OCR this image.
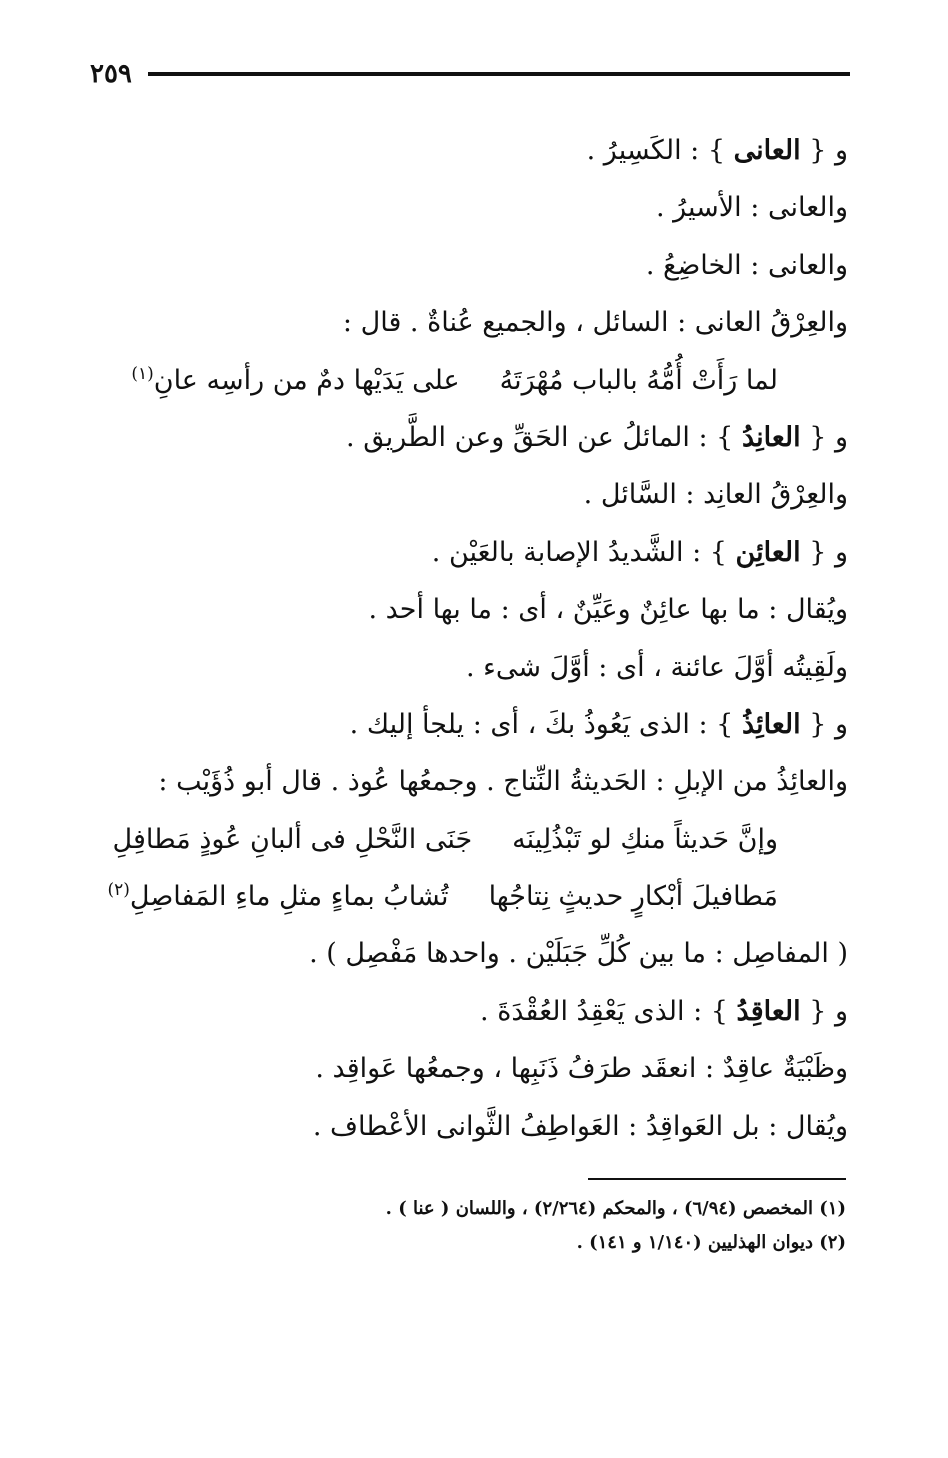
٢٥٩
و { العانى } : الكَسِيرُ .
والعانى : الأسيرُ .
والعانى : الخاضِعُ .
والعِرْقُ العانى : السائل ، والجميع عُناةٌ . قال :
لما رَأَتْ أُمُّهُ بالباب مُهْرَتَهُ
على يَدَيْها دمٌ من رأسِه عانِ$^{(١)}$
و { العانِدُ } : المائلُ عن الحَقِّ وعن الطَّريق .
والعِرْقُ العانِد : السَّائل .
و { العائِن } : الشَّديدُ الإصابة بالعَيْن .
ويُقال : ما بها عائِنٌ وعَيِّنٌ ، أى : ما بها أحد .
ولَقِيتُه أوَّلَ عائنة ، أى : أوَّلَ شىء .
و { العائِذُ } : الذى يَعُوذُ بكَ ، أى : يلجأ إليك .
والعائِذُ من الإبلِ : الحَديثةُ النِّتاج . وجمعُها عُوذ . قال أبو ذُؤَيْب :
وإنَّ حَديثاً منكِ لو تَبْذُلِينَه
جَنَى النَّحْلِ فى ألبانِ عُوذٍ مَطافِلِ
مَطافيلَ أبْكارٍ حديثٍ نِتاجُها
تُشابُ بماءٍ مثلِ ماءِ المَفاصِلِ$^{(٢)}$
( المفاصِل : ما بين كُلِّ جَبَلَيْن . واحدها مَفْصِل ) .
و { العاقِدُ } : الذى يَعْقِدُ العُقْدَةَ .
وظَبْيَةٌ عاقِدٌ : انعقَد طرَفُ ذَنَبِها ، وجمعُها عَواقِد .
ويُقال : بل العَواقِدُ : العَواطِفُ الثَّوانى الأعْطاف .
(١) المخصص (٦/٩٤) ، والمحكم (٢/٢٦٤) ، واللسان ( عنا ) .
(٢) ديوان الهذليين (١/١٤٠ و ١٤١) .
